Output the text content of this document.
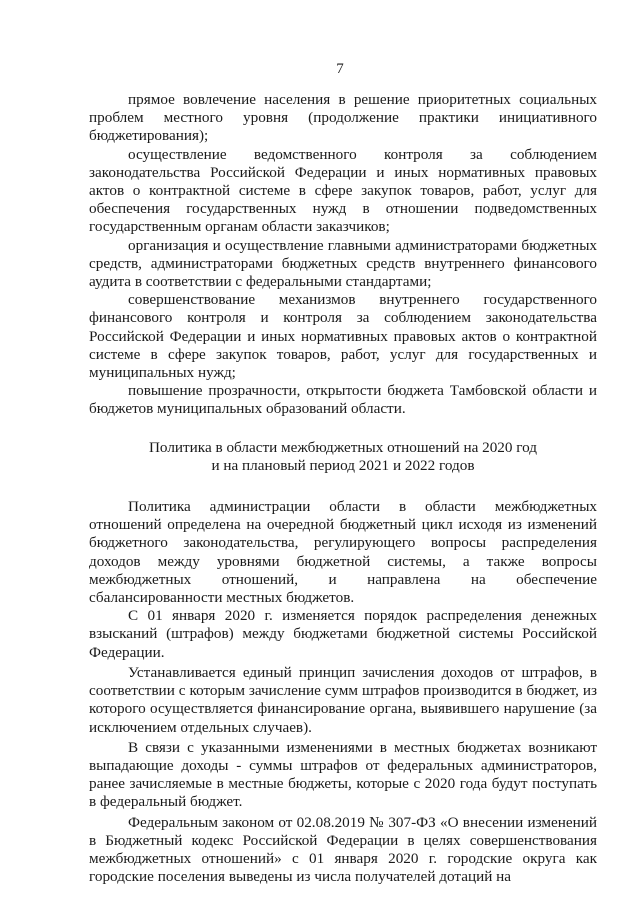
7

прямое вовлечение населения в решение приоритетных социальных проблем местного уровня (продолжение практики инициативного бюджетирования);

осуществление ведомственного контроля за соблюдением законодательства Российской Федерации и иных нормативных правовых актов о контрактной системе в сфере закупок товаров, работ, услуг для обеспечения государственных нужд в отношении подведомственных государственным органам области заказчиков;

организация и осуществление главными администраторами бюджетных средств, администраторами бюджетных средств внутреннего финансового аудита в соответствии с федеральными стандартами;

совершенствование механизмов внутреннего государственного финансового контроля и контроля за соблюдением законодательства Российской Федерации и иных нормативных правовых актов о контрактной системе в сфере закупок товаров, работ, услуг для государственных и муниципальных нужд;

повышение прозрачности, открытости бюджета Тамбовской области и бюджетов муниципальных образований области.

Политика в области межбюджетных отношений на 2020 год

и на плановый период 2021 и 2022 годов

Политика администрации области в области межбюджетных отношений определена на очередной бюджетный цикл исходя из изменений бюджетного законодательства, регулирующего вопросы распределения доходов между уровнями бюджетной системы, а также вопросы межбюджетных отношений, и направлена на обеспечение сбалансированности местных бюджетов.

С 01 января 2020 г. изменяется порядок распределения денежных взысканий (штрафов) между бюджетами бюджетной системы Российской Федерации.

Устанавливается единый принцип зачисления доходов от штрафов, в соответствии с которым зачисление сумм штрафов производится в бюджет, из которого осуществляется финансирование органа, выявившего нарушение (за исключением отдельных случаев).

В связи с указанными изменениями в местных бюджетах возникают выпадающие доходы - суммы штрафов от федеральных администраторов, ранее зачисляемые в местные бюджеты, которые с 2020 года будут поступать в федеральный бюджет.

Федеральным законом от 02.08.2019 № 307-ФЗ «О внесении изменений в Бюджетный кодекс Российской Федерации в целях совершенствования межбюджетных отношений» с 01 января 2020 г. городские округа как городские поселения выведены из числа получателей дотаций на
